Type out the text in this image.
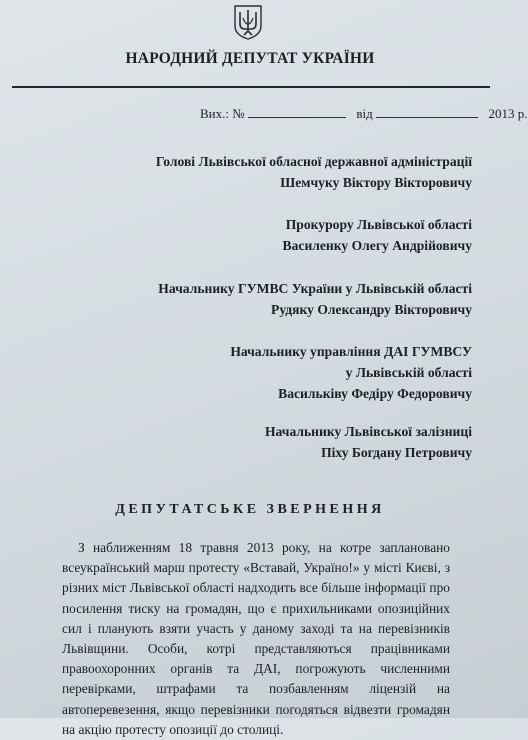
НАРОДНИЙ ДЕПУТАТ УКРАЇНИ
Вих.: №	від	2013 р.
Голові Львівської обласної державної адміністрації
Шемчуку Віктору Вікторовичу
Прокурору Львівської області
Василенку Олегу Андрійовичу
Начальнику ГУМВС України у Львівській області
Рудяку Олександру Вікторовичу
Начальнику управління ДАІ ГУМВСУ
у Львівській області
Васильківу Федіру Федоровичу
Начальнику Львівської залізниці
Піху Богдану Петровичу
ДЕПУТАТСЬКЕ ЗВЕРНЕННЯ
З наближенням 18 травня 2013 року, на котре заплановано всеукраїнський марш протесту «Вставай, Україно!» у місті Києві, з різних міст Львівської області надходить все більше інформації про посилення тиску на громадян, що є прихильниками опозиційних сил і планують взяти участь у даному заході та на перевізників Львівщини. Особи, котрі представляються працівниками правоохоронних органів та ДАІ, погрожують численними перевірками, штрафами та позбавленням ліцензій на автоперевезення, якщо перевізники погодяться відвезти громадян на акцію протесту опозиції до столиці.
